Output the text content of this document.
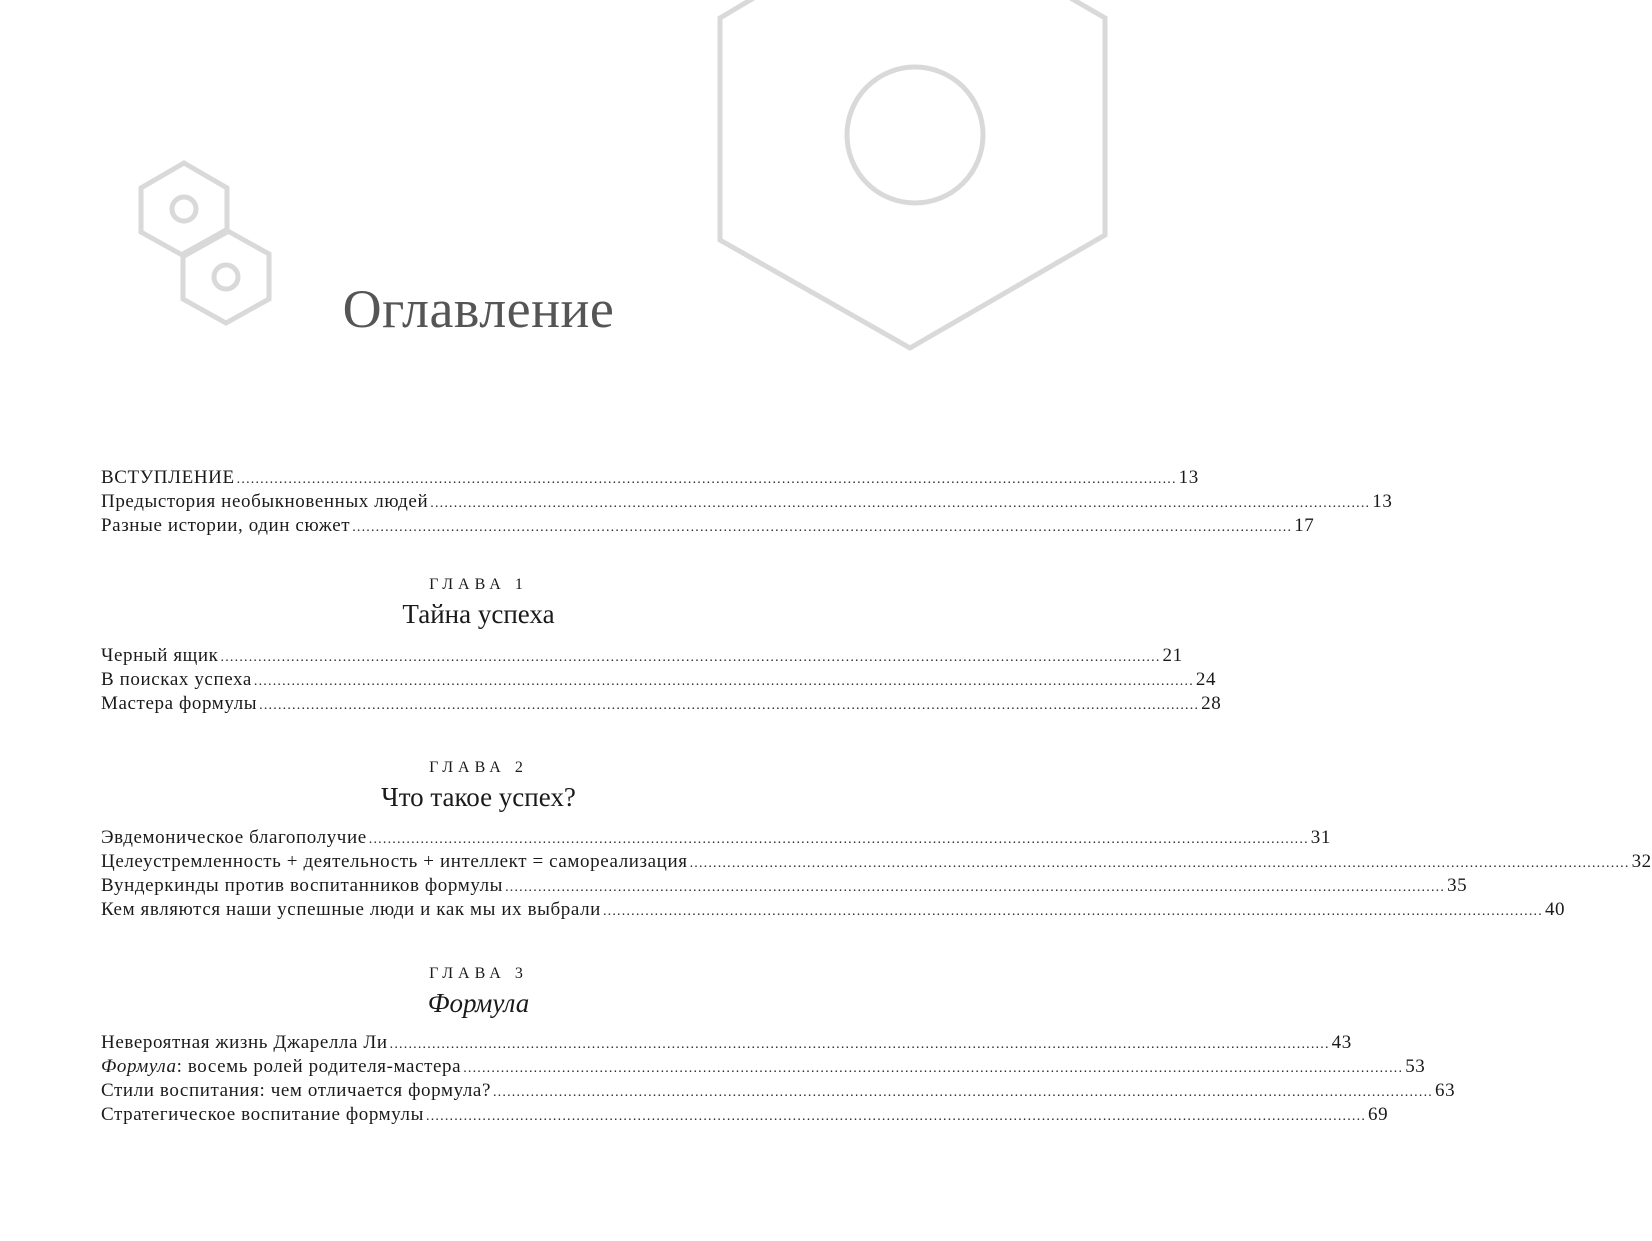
Оглавление
ВСТУПЛЕНИЕ ........................................................................................................................................................................................................ 13
Предыстория необыкновенных людей ........................................................................................................................................................................................................ 13
Разные истории, один сюжет ........................................................................................................................................................................................................ 17

ГЛАВА 1

Тайна успеха
Черный ящик ........................................................................................................................................................................................................ 21
В поисках успеха ........................................................................................................................................................................................................ 24
Мастера формулы ........................................................................................................................................................................................................ 28

ГЛАВА 2

Что такое успех?
Эвдемоническое благополучие ........................................................................................................................................................................................................ 31
Целеустремленность + деятельность + интеллект = самореализация ........................................................................................................................................................................................................ 32
Вундеркинды против воспитанников формулы ........................................................................................................................................................................................................ 35
Кем являются наши успешные люди и как мы их выбрали ........................................................................................................................................................................................................ 40

ГЛАВА 3

Формула
Невероятная жизнь Джарелла Ли ........................................................................................................................................................................................................ 43
Формула: восемь ролей родителя-мастера ........................................................................................................................................................................................................ 53
Стили воспитания: чем отличается формула? ........................................................................................................................................................................................................ 63
Стратегическое воспитание формулы ........................................................................................................................................................................................................ 69
